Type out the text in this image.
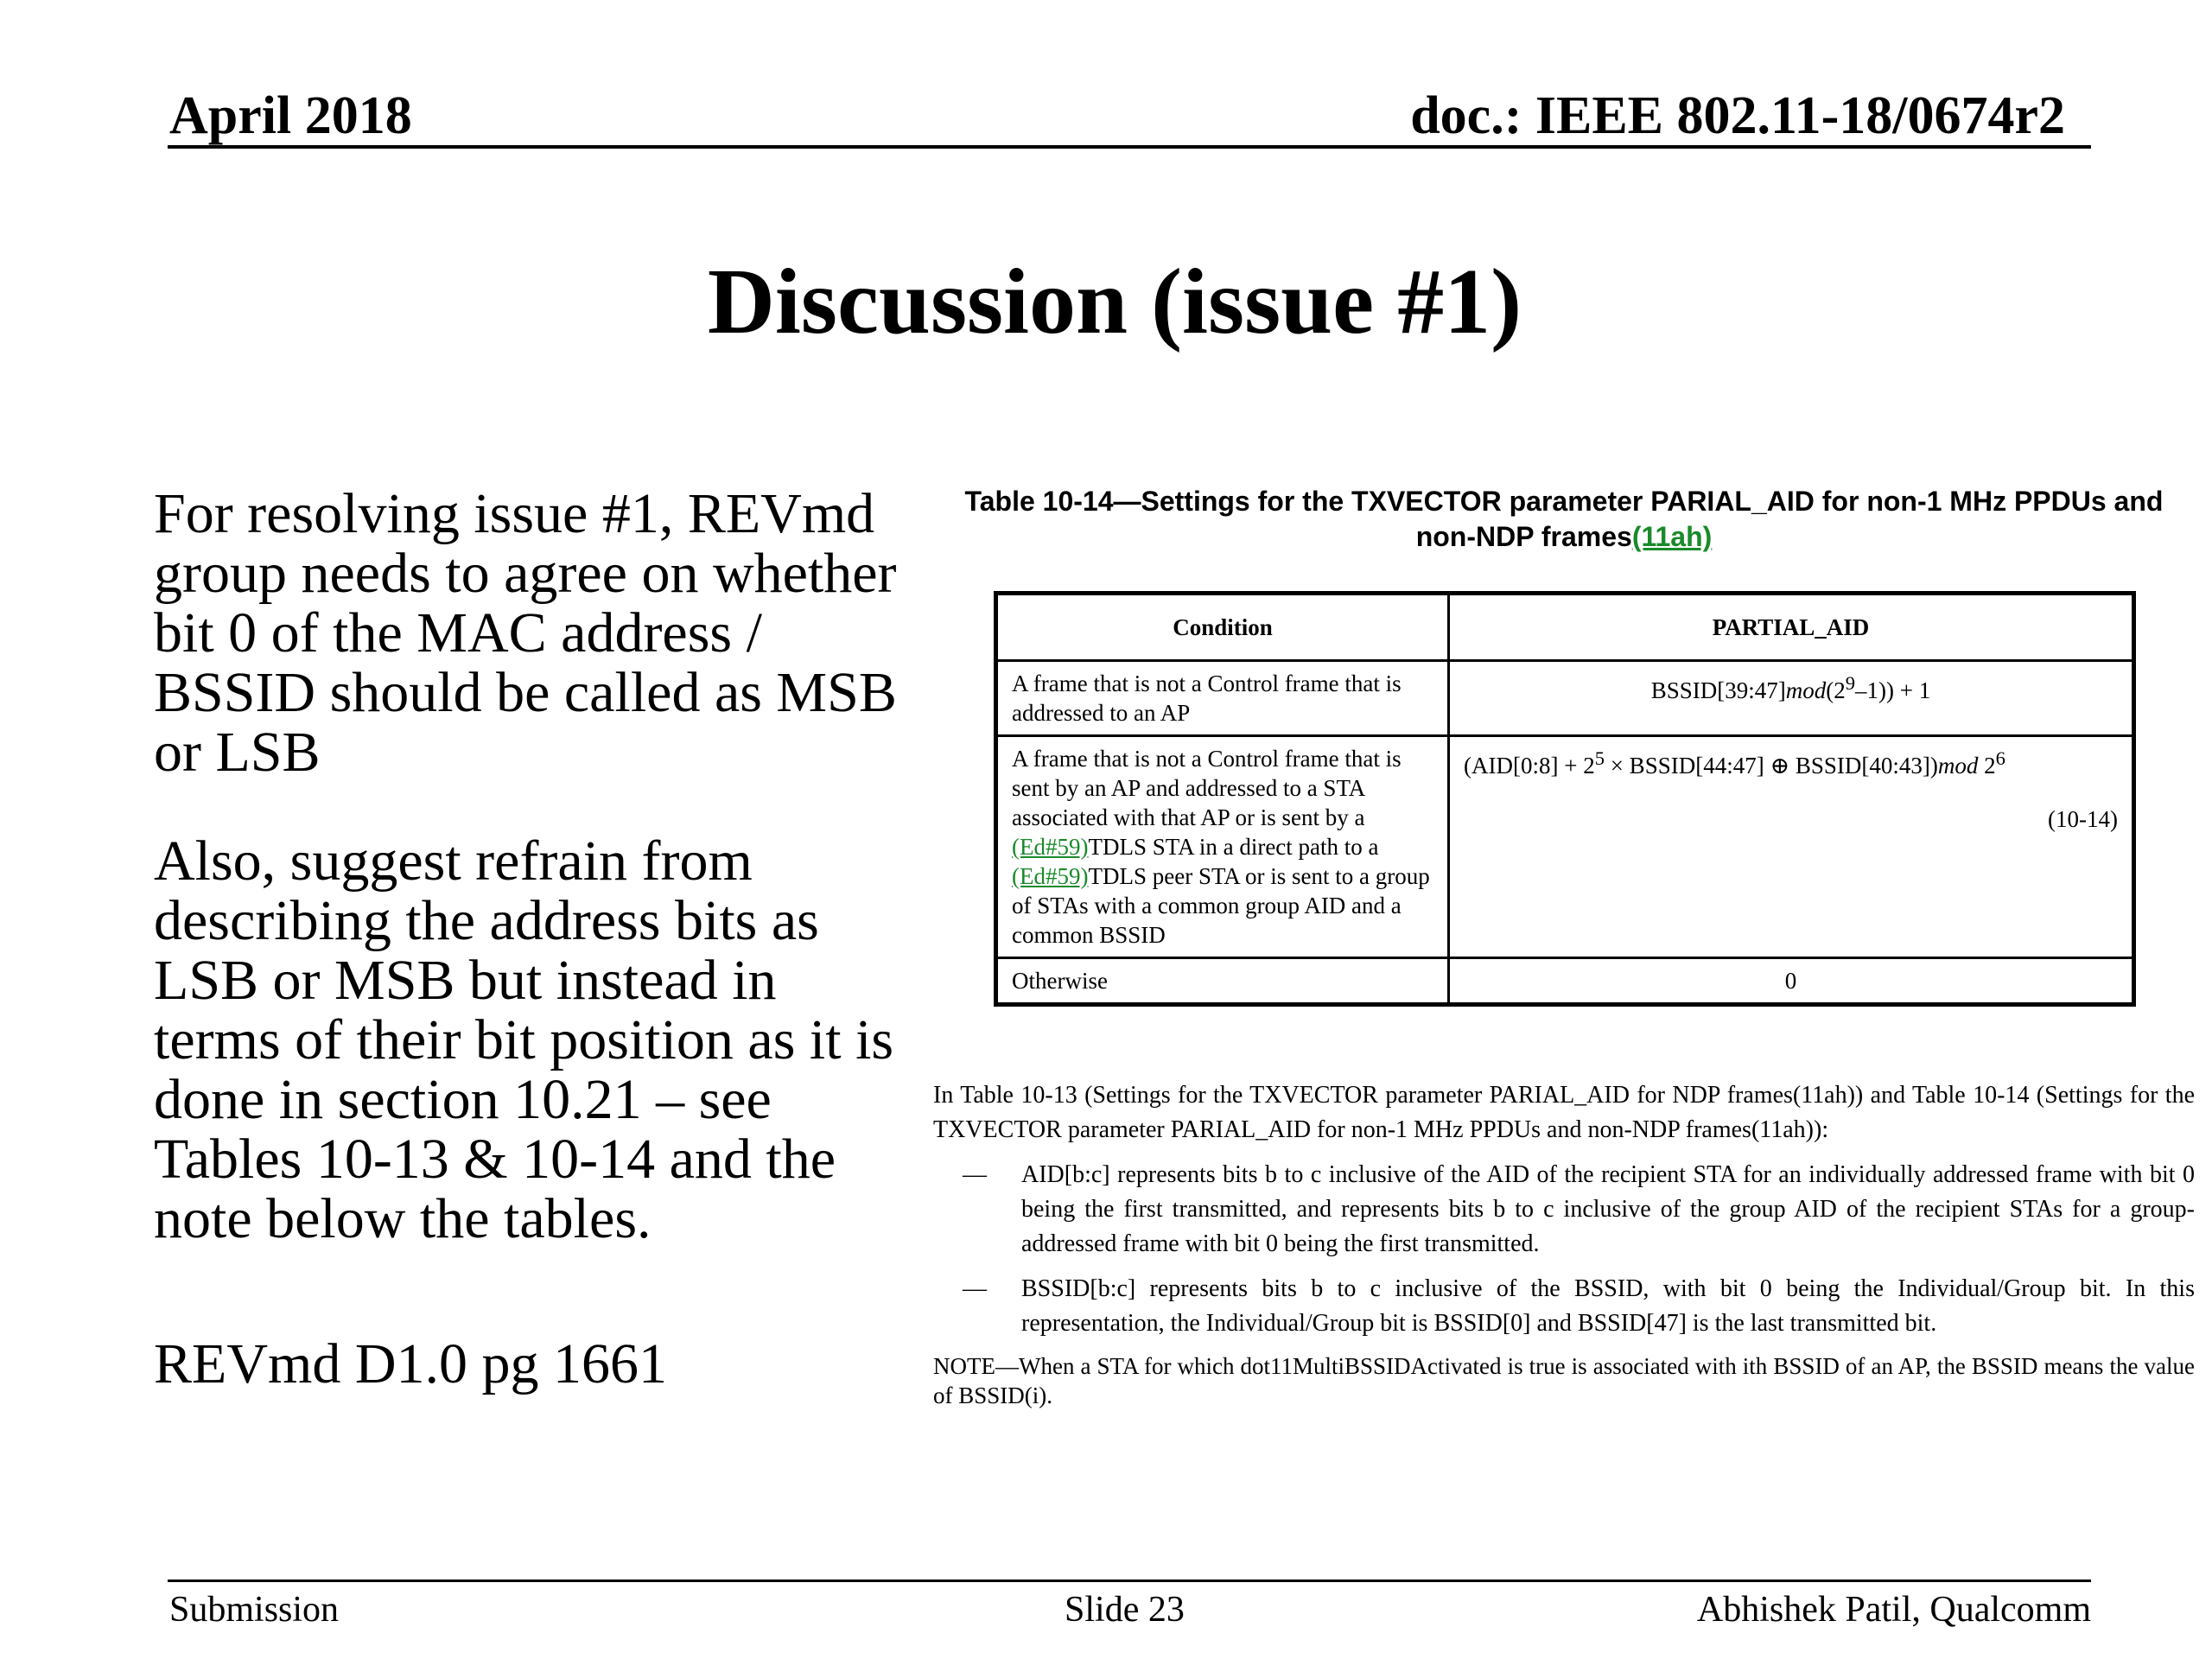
April 2018	doc.: IEEE 802.11-18/0674r2
Discussion (issue #1)

For resolving issue #1, REVmd group needs to agree on whether bit 0 of the MAC address / BSSID should be called as MSB or LSB

Also, suggest refrain from describing the address bits as LSB or MSB but instead in terms of their bit position as it is done in section 10.21 – see Tables 10-13 & 10-14 and the note below the tables.

REVmd D1.0 pg 1661

Table 10-14—Settings for the TXVECTOR parameter PARIAL_AID for non-1 MHz PPDUs and non-NDP frames(11ah)
Condition	PARTIAL_AID
A frame that is not a Control frame that is addressed to an AP	$BSSID[39:47]mod(2^9-1)) + 1$
A frame that is not a Control frame that is sent by an AP and addressed to a STA associated with that AP or is sent by a (Ed#59)TDLS STA in a direct path to a (Ed#59)TDLS peer STA or is sent to a group of STAs with a common group AID and a common BSSID	(AID[0:8] + $2^5$ × BSSID[44:47] ⊕ BSSID[40:43])mod $2^6$
(10-14)

Otherwise	0

In Table 10-13 (Settings for the TXVECTOR parameter PARIAL_AID for NDP frames(11ah)) and Table 10-14 (Settings for the TXVECTOR parameter PARIAL_AID for non-1 MHz PPDUs and non-NDP frames(11ah)):

— AID[b:c] represents bits b to c inclusive of the AID of the recipient STA for an individually addressed frame with bit 0 being the first transmitted, and represents bits b to c inclusive of the group AID of the recipient STAs for a group-addressed frame with bit 0 being the first transmitted.

— BSSID[b:c] represents bits b to c inclusive of the BSSID, with bit 0 being the Individual/Group bit. In this representation, the Individual/Group bit is BSSID[0] and BSSID[47] is the last transmitted bit.

NOTE—When a STA for which dot11MultiBSSIDActivated is true is associated with ith BSSID of an AP, the BSSID means the value of BSSID(i).

Submission	Slide 23	Abhishek Patil, Qualcomm
